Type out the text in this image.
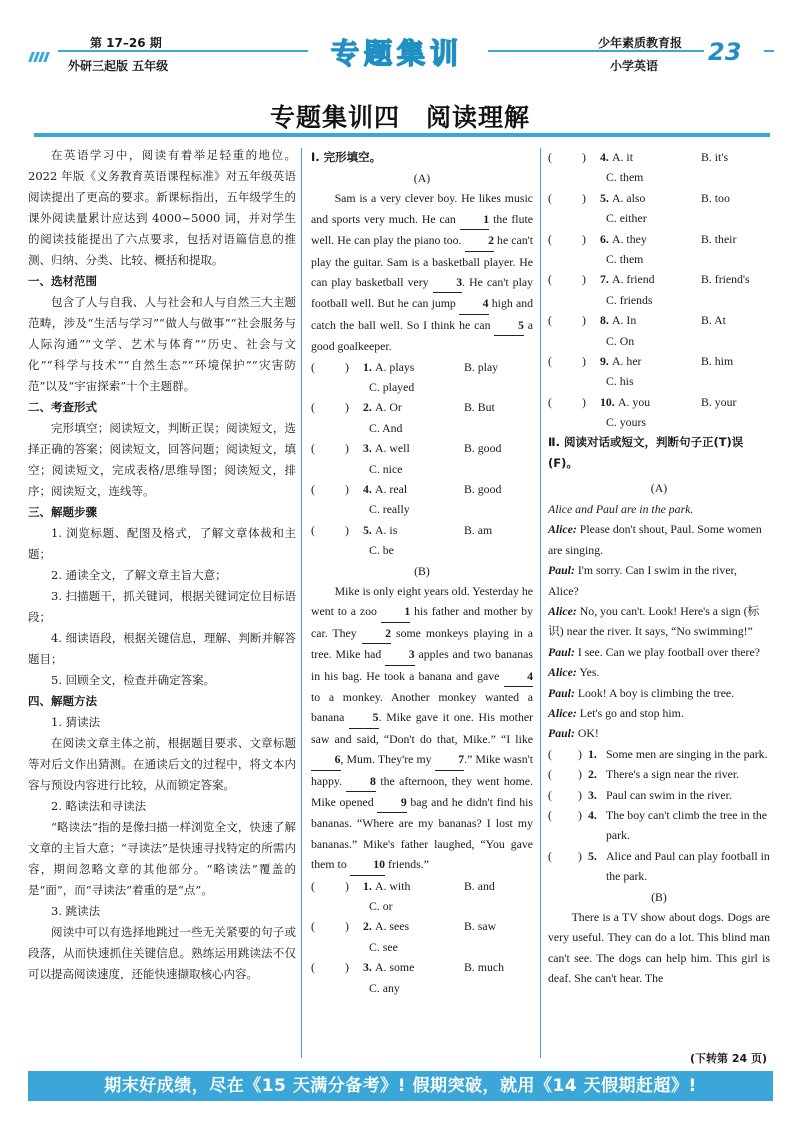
第 17–26 期
外研三起版 五年级	专题集训	少年素质教育报
小学英语 23
专题集训四　阅读理解

在英语学习中，阅读有着举足轻重的地位。2022 年版《义务教育英语课程标准》对五年级英语阅读提出了更高的要求。新课标指出，五年级学生的课外阅读量累计应达到 4000~5000 词，并对学生的阅读技能提出了六点要求，包括对语篇信息的推测、归纳、分类、比较、概括和提取。

一、选材范围

包含了人与自我、人与社会和人与自然三大主题范畴，涉及“生活与学习”“做人与做事”“社会服务与人际沟通”“文学、艺术与体育”“历史、社会与文化”“科学与技术”“自然生态”“环境保护”“灾害防范”以及“宇宙探索”十个主题群。

二、考查形式

完形填空；阅读短文，判断正误；阅读短文，选择正确的答案；阅读短文，回答问题；阅读短文，填空；阅读短文，完成表格/思维导图；阅读短文，排序；阅读短文，连线等。

三、解题步骤

1. 浏览标题、配图及格式，了解文章体裁和主题；

2. 通读全文，了解文章主旨大意；

3. 扫描题干，抓关键词，根据关键词定位目标语段；

4. 细读语段，根据关键信息，理解、判断并解答题目；

5. 回顾全文，检查并确定答案。

四、解题方法

1. 猜读法

在阅读文章主体之前，根据题目要求、文章标题等对后文作出猜测。在通读后文的过程中，将文本内容与预设内容进行比较，从而锁定答案。

2. 略读法和寻读法

“略读法”指的是像扫描一样浏览全文，快速了解文章的主旨大意；“寻读法”是快速寻找特定的所需内容，期间忽略文章的其他部分。“略读法”覆盖的是“面”，而“寻读法”着重的是“点”。

3. 跳读法

阅读中可以有选择地跳过一些无关紧要的句子或段落，从而快速抓住关键信息。熟练运用跳读法不仅可以提高阅读速度，还能快速撷取核心内容。

Ⅰ. 完形填空。
(A)

Sam is a very clever boy. He likes music and sports very much. He can 1 the flute well. He can play the piano too. 2 he can't play the guitar. Sam is a basketball player. He can play basketball very 3. He can't play football well. But he can jump 4 high and catch the ball well. So I think he can 5 a good goalkeeper.

(	) 1. A. plays	B. play
C. played
(	) 2. A. Or	B. But
C. And
(	) 3. A. well	B. good
C. nice
(	) 4. A. real	B. good
C. really
(	) 5. A. is	B. am
C. be
(B)

Mike is only eight years old. Yesterday he went to a zoo 1 his father and mother by car. They 2 some monkeys playing in a tree. Mike had 3 apples and two bananas in his bag. He took a banana and gave 4 to a monkey. Another monkey wanted a banana 5. Mike gave it one. His mother saw and said, “Don't do that, Mike.” “I like 6, Mum. They're my 7.” Mike wasn't happy. 8 the afternoon, they went home. Mike opened 9 bag and he didn't find his bananas. “Where are my bananas? I lost my bananas.” Mike's father laughed, “You gave them to 10 friends.”

(	) 1. A. with	B. and
C. or
(	) 2. A. sees	B. saw
C. see
(	) 3. A. some	B. much
C. any
(	) 4. A. it	B. it's
C. them
(	) 5. A. also	B. too
C. either
(	) 6. A. they	B. their
C. them
(	) 7. A. friend	B. friend's
C. friends
(	) 8. A. In	B. At
C. On
(	) 9. A. her	B. him
C. his
(	) 10. A. you	B. your
C. yours
Ⅱ. 阅读对话或短文，判断句子正(T)误(F)。
(A)
Alice and Paul are in the park.
Alice: Please don't shout, Paul. Some women are singing.
Paul: I'm sorry. Can I swim in the river, Alice?
Alice: No, you can't. Look! Here's a sign (标识) near the river. It says, “No swimming!”
Paul: I see. Can we play football over there?
Alice: Yes.
Paul: Look! A boy is climbing the tree.
Alice: Let's go and stop him.
Paul: OK!
( ) 1. Some men are singing in the park.
( ) 2. There's a sign near the river.
( ) 3. Paul can swim in the river.
( ) 4. The boy can't climb the tree in the park.
( ) 5. Alice and Paul can play football in the park.
(B)

There is a TV show about dogs. Dogs are very useful. They can do a lot. This blind man can't see. The dogs can help him. This girl is deaf. She can't hear. The

(下转第 24 页)
期末好成绩，尽在《15 天满分备考》! 假期突破，就用《14 天假期赶超》!
